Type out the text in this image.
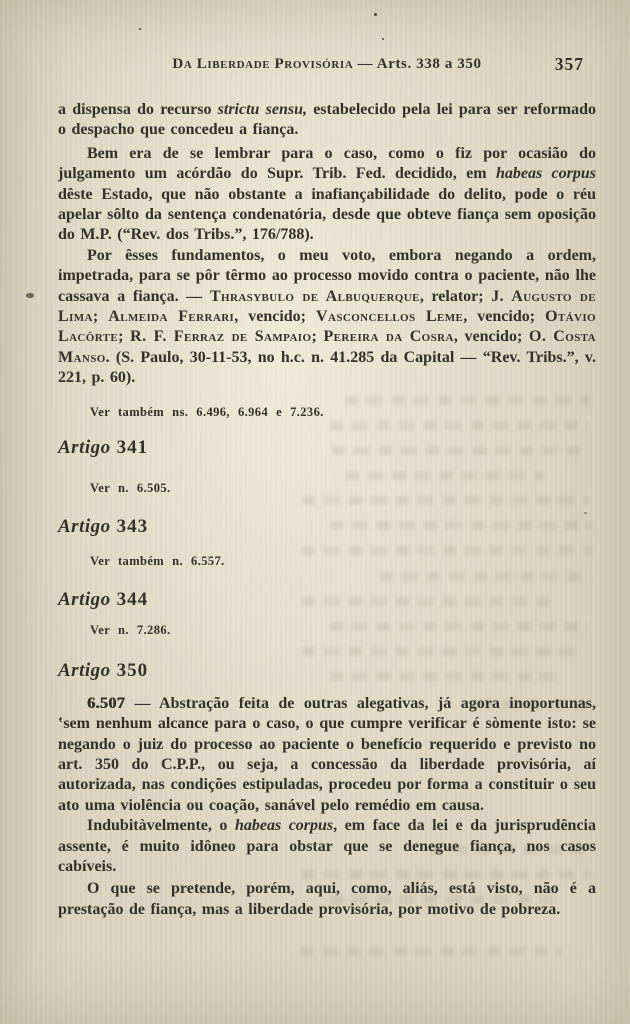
Da Liberdade Provisória — Arts. 338 a 350	357

a dispensa do recurso strictu sensu, estabelecido pela lei para ser reformado o despacho que concedeu a fiança.

Bem era de se lembrar para o caso, como o fiz por ocasião do julgamento um acórdão do Supr. Trib. Fed. decidido, em habeas corpus dêste Estado, que não obstante a inafiançabilidade do delito, pode o réu apelar sôlto da sentença condenatória, desde que obteve fiança sem oposição do M.P. (“Rev. dos Tribs.”, 176/788).

Por êsses fundamentos, o meu voto, embora negando a ordem, impetrada, para se pôr têrmo ao processo movido contra o paciente, não lhe cassava a fiança. — Thrasybulo de Albuquerque, relator; J. Augusto de Lima; Almeida Ferrari, vencido; Vasconcellos Leme, vencido; Otávio Lacôrte; R. F. Ferraz de Sampaio; Pereira da Cosra, vencido; O. Costa Manso. (S. Paulo, 30-11-53, no h.c. n. 41.285 da Capital — “Rev. Tribs.”, v. 221, p. 60).

Ver também ns. 6.496, 6.964 e 7.236.

Artigo 341

Ver n. 6.505.

Artigo 343

Ver também n. 6.557.

Artigo 344

Ver n. 7.286.

Artigo 350

6.507 — Abstração feita de outras alegativas, já agora inoportunas, ʽsem nenhum alcance para o caso, o que cumpre verificar é sòmente isto: se negando o juiz do processo ao paciente o benefício requerido e previsto no art. 350 do C.P.P., ou seja, a concessão da liberdade provisória, aí autorizada, nas condições estipuladas, procedeu por forma a constituir o seu ato uma violência ou coação, sanável pelo remédio em causa.

Indubitàvelmente, o habeas corpus, em face da lei e da jurisprudência assente, é muito idôneo para obstar que se denegue fiança, nos casos cabíveis.

O que se pretende, porém, aqui, como, aliás, está visto, não é a prestação de fiança, mas a liberdade provisória, por motivo de pobreza.
